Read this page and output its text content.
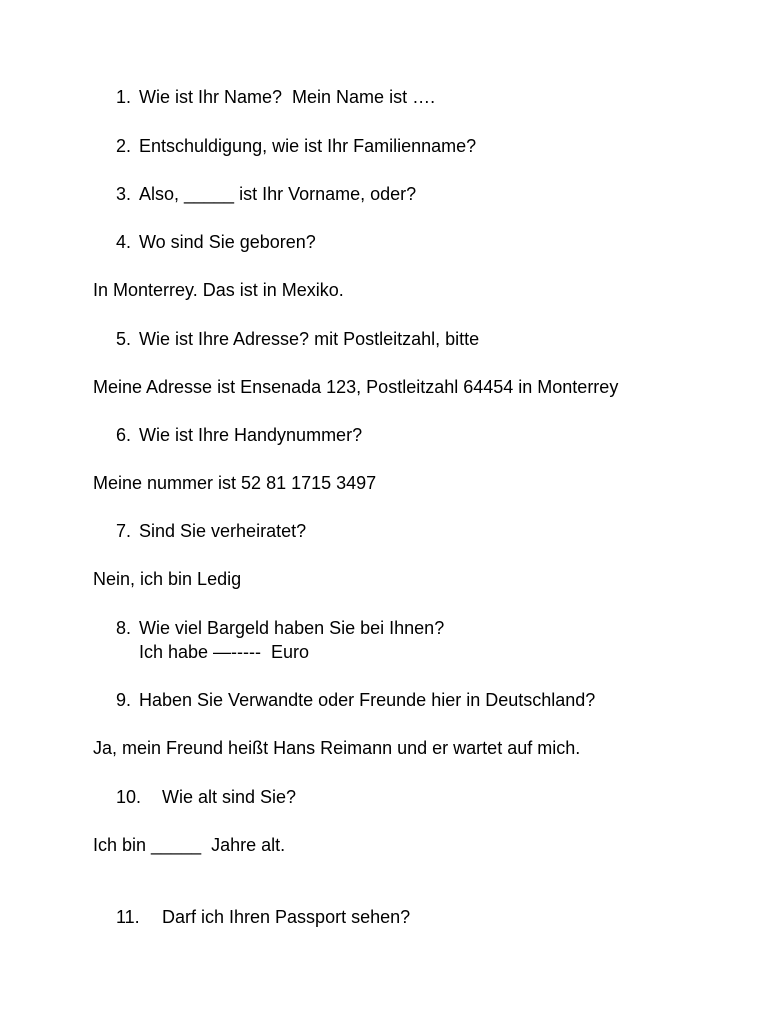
1. Wie ist Ihr Name?  Mein Name ist ….
2. Entschuldigung, wie ist Ihr Familienname?
3. Also, _____ ist Ihr Vorname, oder?
4. Wo sind Sie geboren?
In Monterrey. Das ist in Mexiko.
5. Wie ist Ihre Adresse? mit Postleitzahl, bitte
Meine Adresse ist Ensenada 123, Postleitzahl 64454 in Monterrey
6. Wie ist Ihre Handynummer?
Meine nummer ist 52 81 1715 3497
7. Sind Sie verheiratet?
Nein, ich bin Ledig
8. Wie viel Bargeld haben Sie bei Ihnen?
Ich habe —-----  Euro
9. Haben Sie Verwandte oder Freunde hier in Deutschland?
Ja, mein Freund heißt Hans Reimann und er wartet auf mich.
10. Wie alt sind Sie?
Ich bin _____  Jahre alt.
11. Darf ich Ihren Passport sehen?
